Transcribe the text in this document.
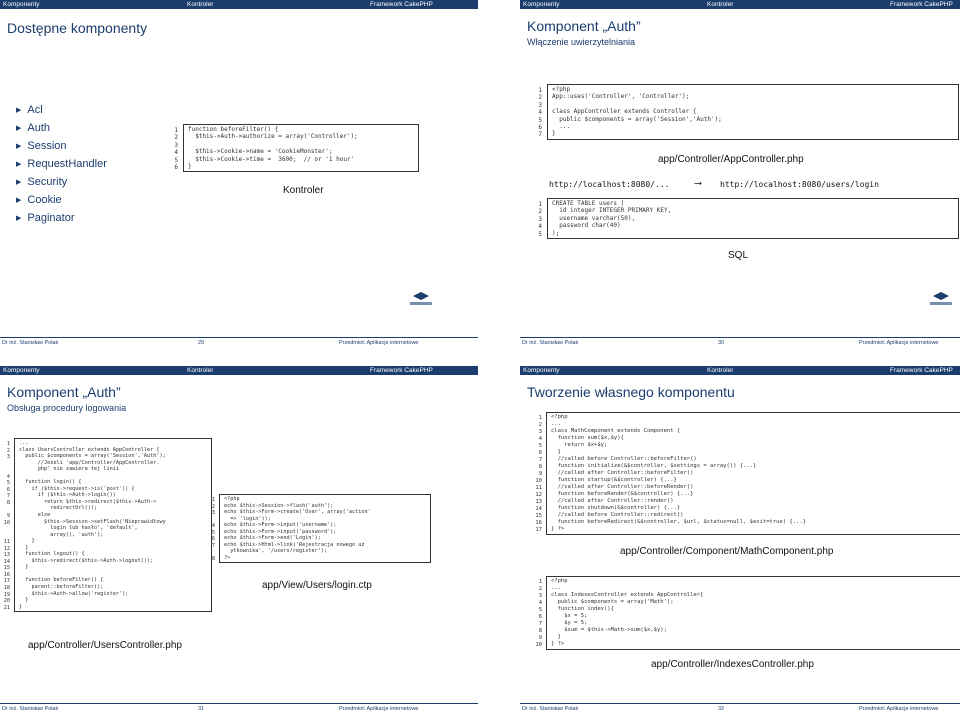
Komponenty	Kontroler	Framework CakePHP
Dostępne komponenty
▶ Acl
▶ Auth
▶ Session
▶ RequestHandler
▶ Security
▶ Cookie
▶ Paginator
1
2
3
4
5
6
function beforeFilter() {
$this->Auth->authorize = array('Controller');

$this->Cookie->name = 'CookieMonster';
$this->Cookie->time =  3600;  // or '1 hour'
}
Kontroler
Dr inż. Stanisław Polak	29	Przedmiot: Aplikacje internetowe
Komponenty	Kontroler	Framework CakePHP
Komponent „Auth”
Włączenie uwierzytelniania
1
2
3
4
5
6
7
<?php
App::uses('Controller', 'Controller');

class AppController extends Controller {
public $components = array('Session','Auth');
...
}
app/Controller/AppController.php
http://localhost:8080/...	⟶ http://localhost:8080/users/login
1
2
3
4
5
CREATE TABLE users (
id integer INTEGER PRIMARY KEY,
username varchar(50),
password char(40)
);
SQL
Dr inż. Stanisław Polak	30	Przedmiot: Aplikacje internetowe
Komponenty	Kontroler	Framework CakePHP
Komponent „Auth”
Obsługa procedury logowania
1
2
3

4
5
6
7
8

9
10

11
12
13
14
15
16
17
18
19
20
21
...
class UsersController extends AppController {
public $components = array('Session','Auth');
//Jeżeli 'app/Controller/AppController.
php' nie zawiera tej linii

function login() {
if ($this->request->is('post')) {
if ($this->Auth->login())
return $this->redirect($this->Auth->
redirectUrl());
else
$this->Session->setFlash('Nieprawidłowy
login lub hasło', 'default',
array(), 'auth');
}
}
function logout() {
$this->redirect($this->Auth->logout());
}

function beforeFilter() {
parent::beforeFilter();
$this->Auth->allow('register');
}
}
app/Controller/UsersController.php
1
2
3

4
5
6
7

8
<?php
echo $this->Session->flash('auth');
echo $this->Form->create('User', array('action'
=> 'login'));
echo $this->Form->input('username');
echo $this->Form->input('password');
echo $this->Form->end('Login');
echo $this->Html->link('Rejestracja nowego uż
ytkownika', '/users/register');
?>
app/View/Users/login.ctp
Dr inż. Stanisław Polak	31	Przedmiot: Aplikacje internetowe
Komponenty	Kontroler	Framework CakePHP
Tworzenie własnego komponentu
1
2
3
4
5
6
7
8
9
10
11
12
13
14
15
16
17
<?php
...
class MathComponent extends Component {
function sum($x,$y){
return $x+$y;
}
//called before Controller::beforeFilter()
function initialize(&$controller, $settings = array()) {...}
//called after Controller::beforeFilter()
function startup(&$controller) {...}
//called after Controller::beforeRender()
function beforeRender(&$controller) {...}
//called after Controller::render()
function shutdown(&$controller) {...}
//called before Controller::redirect()
function beforeRedirect(&$controller, $url, $status=null, $exit=true) {...}
} ?>
app/Controller/Component/MathComponent.php
1
2
3
4
5
6
7
8
9
10
<?php
...
class IndexesController extends AppController{
public $components = array('Math');
function index(){
$x = 5;
$y = 5;
$sum = $this->Math->sum($x,$y);
}
} ?>
app/Controller/IndexesController.php
Dr inż. Stanisław Polak	32	Przedmiot: Aplikacje internetowe
